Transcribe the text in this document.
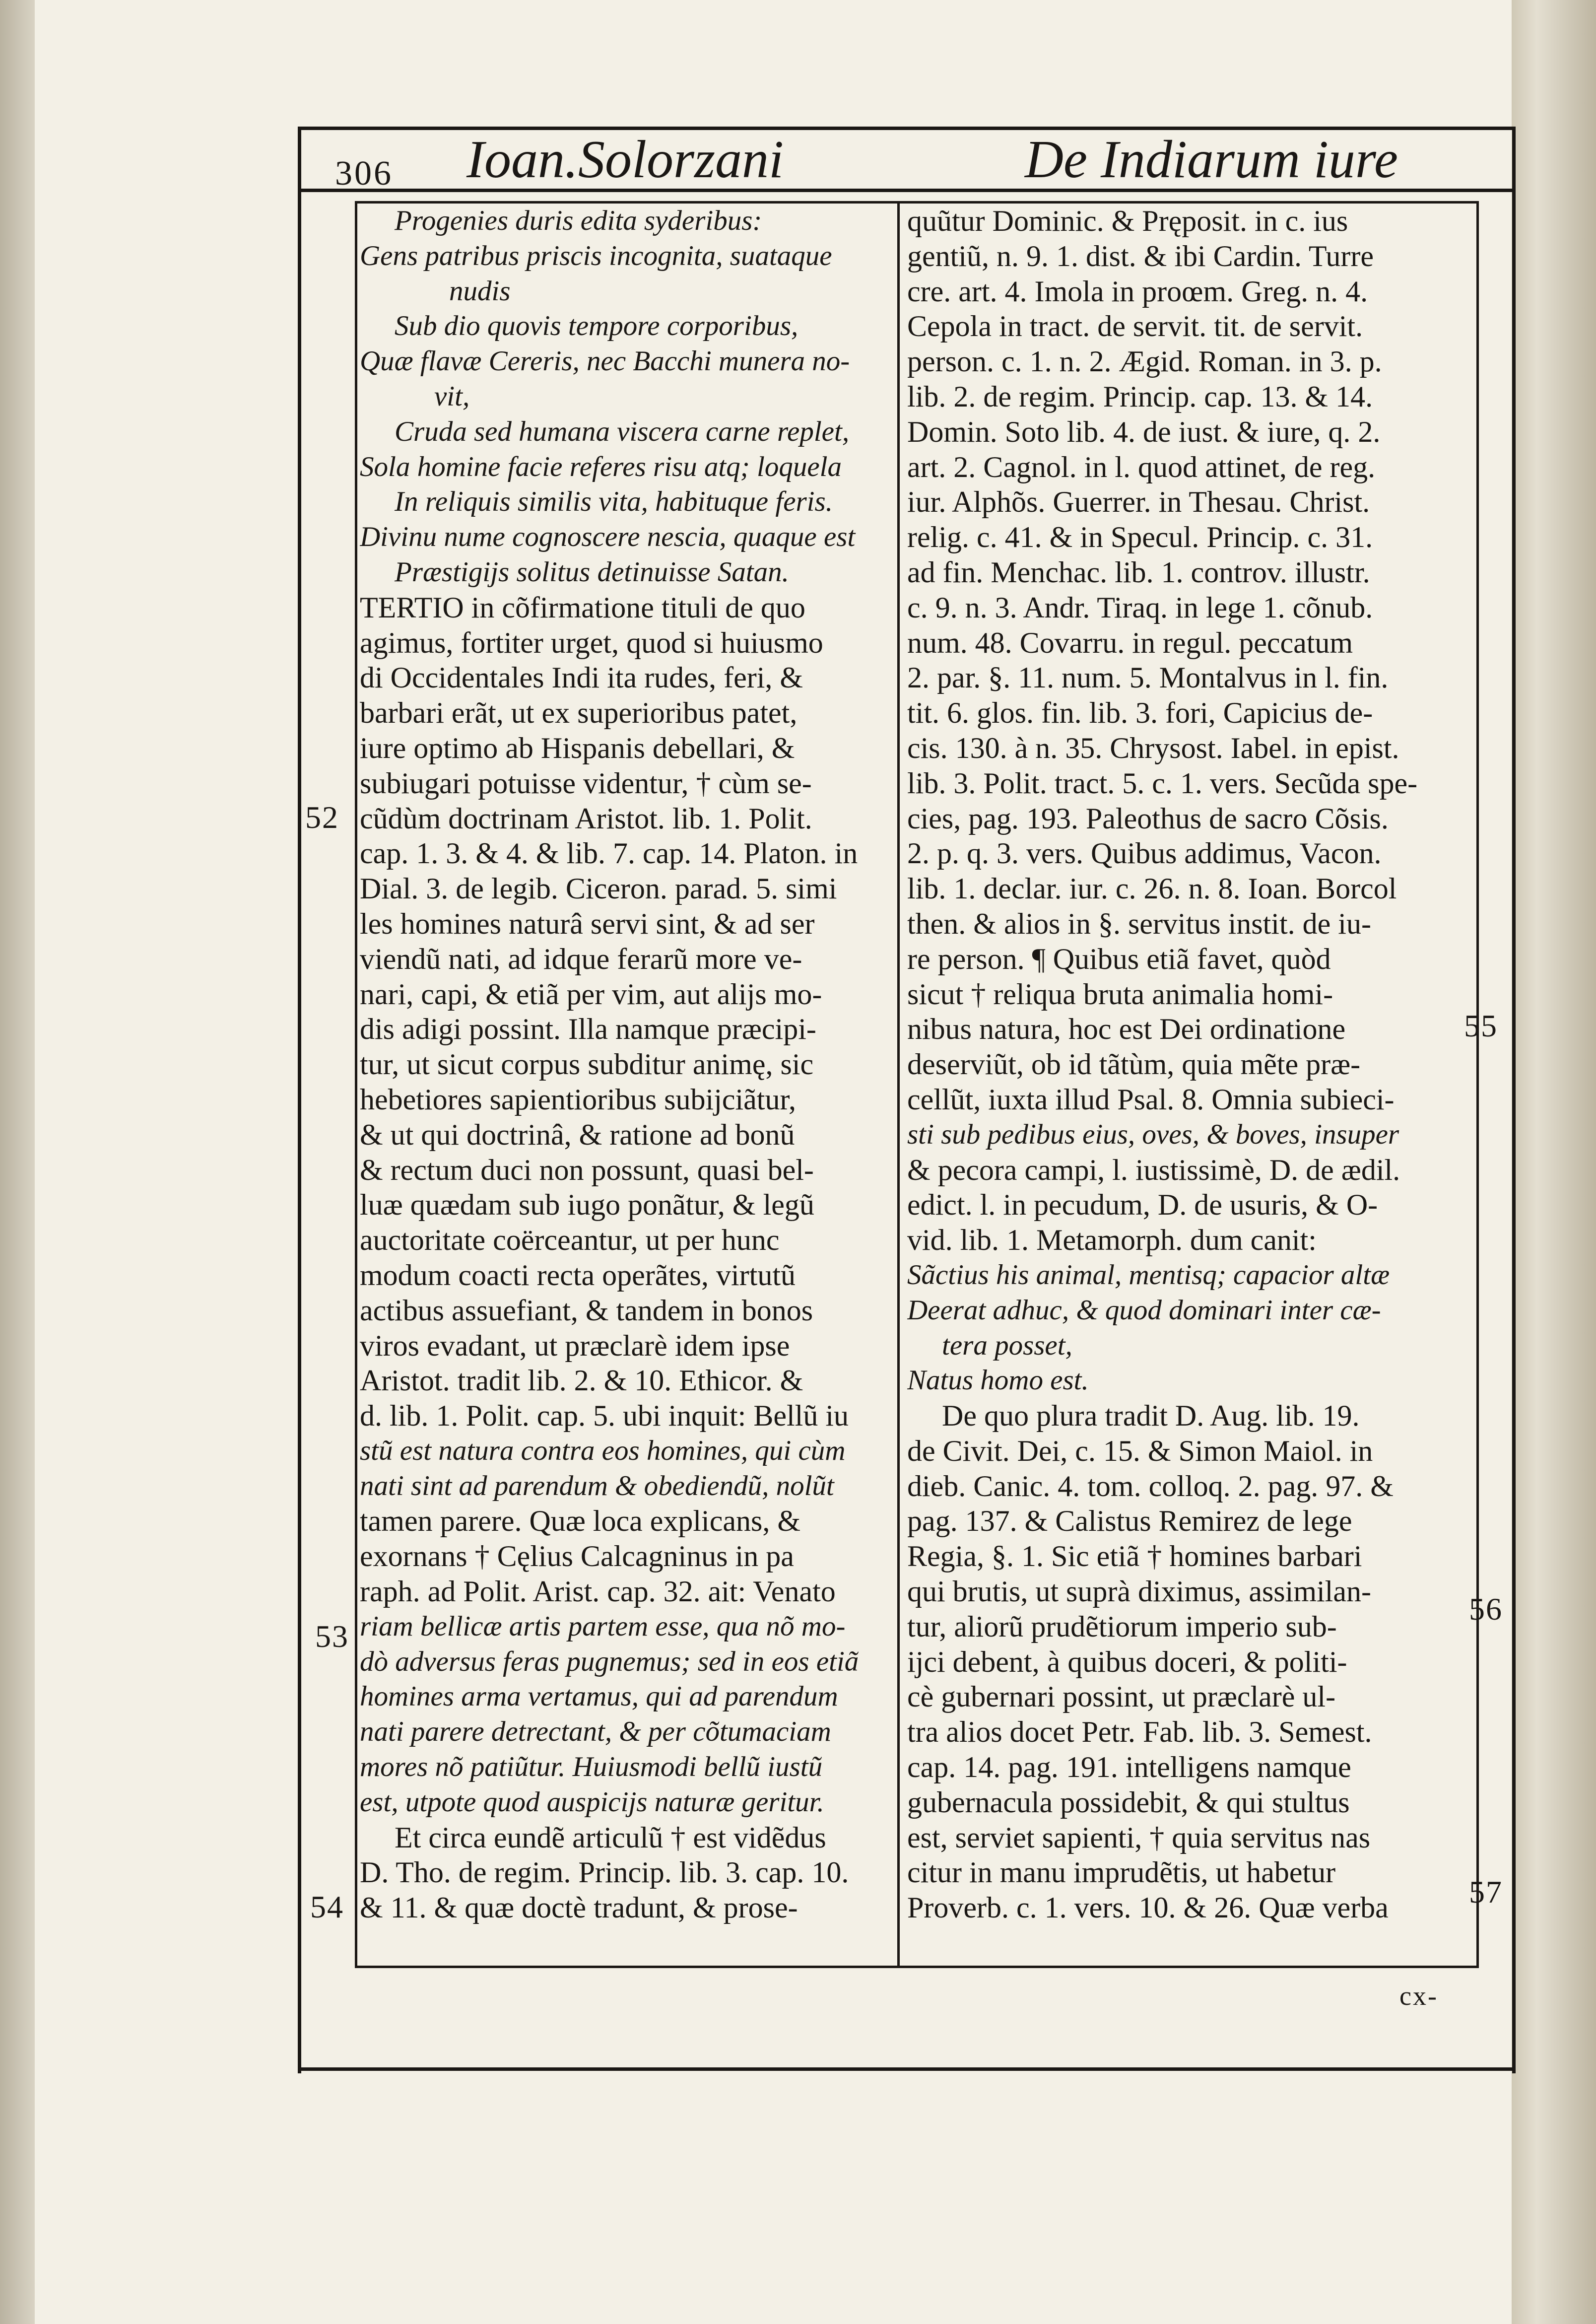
306 Ioan.Solorzani	De Indiarum iure
Progenies duris edita syderibus:
Gens patribus priscis incognita, suataque
nudis
Sub dio quovis tempore corporibus,
Quæ flavæ Cereris, nec Bacchi munera no-
vit,
Cruda sed humana viscera carne replet,
Sola homine facie referes risu atq; loquela
In reliquis similis vita, habituque feris.
Divinu nume cognoscere nescia, quaque est
Præstigijs solitus detinuisse Satan.
TERTIO in cõfirmatione tituli de quo
agimus, fortiter urget, quod si huiusmo
di Occidentales Indi ita rudes, feri, &
barbari erãt, ut ex superioribus patet,
iure optimo ab Hispanis debellari, &
subiugari potuisse videntur, † cùm se-
cũdùm doctrinam Aristot. lib. 1. Polit.
cap. 1. 3. & 4. & lib. 7. cap. 14. Platon. in
Dial. 3. de legib. Ciceron. parad. 5. simi
les homines naturâ servi sint, & ad ser
viendũ nati, ad idque ferarũ more ve-
nari, capi, & etiã per vim, aut alijs mo-
dis adigi possint. Illa namque præcipi-
tur, ut sicut corpus subditur animę, sic
hebetiores sapientioribus subijciãtur,
& ut qui doctrinâ, & ratione ad bonũ
& rectum duci non possunt, quasi bel-
luæ quædam sub iugo ponãtur, & legũ
auctoritate coërceantur, ut per hunc
modum coacti recta operãtes, virtutũ
actibus assuefiant, & tandem in bonos
viros evadant, ut præclarè idem ipse
Aristot. tradit lib. 2. & 10. Ethicor. &
d. lib. 1. Polit. cap. 5. ubi inquit: Bellũ iu
stũ est natura contra eos homines, qui cùm
nati sint ad parendum & obediendũ, nolũt
tamen parere. Quæ loca explicans, &
exornans † Cęlius Calcagninus in pa
raph. ad Polit. Arist. cap. 32. ait: Venato
riam bellicæ artis partem esse, qua nõ mo-
dò adversus feras pugnemus; sed in eos etiã
homines arma vertamus, qui ad parendum
nati parere detrectant, & per cõtumaciam
mores nõ patiũtur. Huiusmodi bellũ iustũ
est, utpote quod auspicijs naturæ geritur.
Et circa eundẽ articulũ † est vidẽdus
D. Tho. de regim. Princip. lib. 3. cap. 10.
& 11. & quæ doctè tradunt, & prose-
quũtur Dominic. & Pręposit. in c. ius
gentiũ, n. 9. 1. dist. & ibi Cardin. Turre
cre. art. 4. Imola in proœm. Greg. n. 4.
Cepola in tract. de servit. tit. de servit.
person. c. 1. n. 2. Ægid. Roman. in 3. p.
lib. 2. de regim. Princip. cap. 13. & 14.
Domin. Soto lib. 4. de iust. & iure, q. 2.
art. 2. Cagnol. in l. quod attinet, de reg.
iur. Alphõs. Guerrer. in Thesau. Christ.
relig. c. 41. & in Specul. Princip. c. 31.
ad fin. Menchac. lib. 1. controv. illustr.
c. 9. n. 3. Andr. Tiraq. in lege 1. cõnub.
num. 48. Covarru. in regul. peccatum
2. par. §. 11. num. 5. Montalvus in l. fin.
tit. 6. glos. fin. lib. 3. fori, Capicius de-
cis. 130. à n. 35. Chrysost. Iabel. in epist.
lib. 3. Polit. tract. 5. c. 1. vers. Secũda spe-
cies, pag. 193. Paleothus de sacro Cõsis.
2. p. q. 3. vers. Quibus addimus, Vacon.
lib. 1. declar. iur. c. 26. n. 8. Ioan. Borcol
then. & alios in §. servitus instit. de iu-
re person. ¶ Quibus etiã favet, quòd
sicut † reliqua bruta animalia homi-
nibus natura, hoc est Dei ordinatione
deserviũt, ob id tãtùm, quia mẽte præ-
cellũt, iuxta illud Psal. 8. Omnia subieci-
sti sub pedibus eius, oves, & boves, insuper
& pecora campi, l. iustissimè, D. de ædil.
edict. l. in pecudum, D. de usuris, & O-
vid. lib. 1. Metamorph. dum canit:
Sãctius his animal, mentisq; capacior altæ
Deerat adhuc, & quod dominari inter cæ-
tera posset,
Natus homo est.
De quo plura tradit D. Aug. lib. 19.
de Civit. Dei, c. 15. & Simon Maiol. in
dieb. Canic. 4. tom. colloq. 2. pag. 97. &
pag. 137. & Calistus Remirez de lege
Regia, §. 1. Sic etiã † homines barbari
qui brutis, ut suprà diximus, assimilan-
tur, aliorũ prudẽtiorum imperio sub-
ijci debent, à quibus doceri, & politi-
cè gubernari possint, ut præclarè ul-
tra alios docet Petr. Fab. lib. 3. Semest.
cap. 14. pag. 191. intelligens namque
gubernacula possidebit, & qui stultus
est, serviet sapienti, † quia servitus nas
citur in manu imprudẽtis, ut habetur
Proverb. c. 1. vers. 10. & 26. Quæ verba
52
53
54
55
56
57
cx-
